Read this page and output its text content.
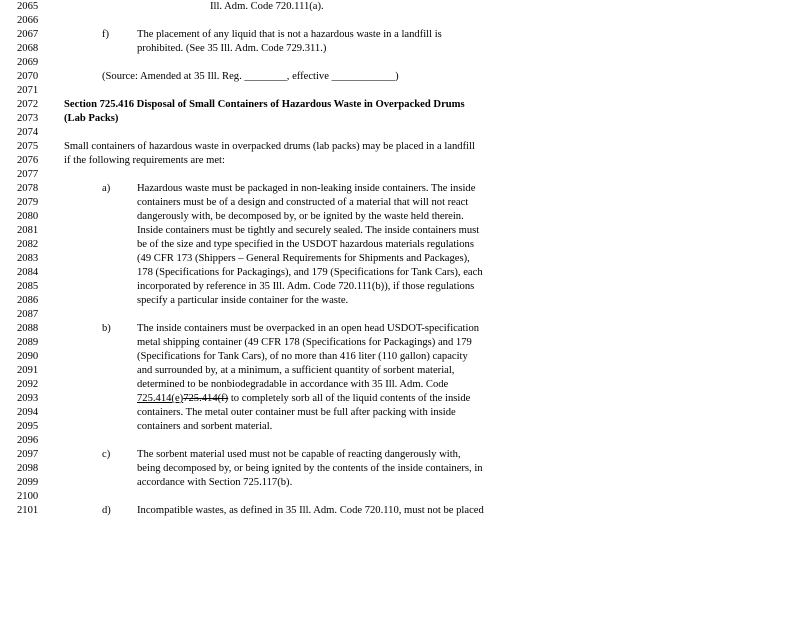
2065	Ill. Adm. Code 720.111(a).
2066
2067	f)	The placement of any liquid that is not a hazardous waste in a landfill is
2068	prohibited. (See 35 Ill. Adm. Code 729.311.)
2069
2070	(Source: Amended at 35 Ill. Reg. ________, effective ____________)
2071
2072	Section 725.416 Disposal of Small Containers of Hazardous Waste in Overpacked Drums
2073	(Lab Packs)
2074
2075	Small containers of hazardous waste in overpacked drums (lab packs) may be placed in a landfill
2076	if the following requirements are met:
2077
2078	a)	Hazardous waste must be packaged in non-leaking inside containers. The inside
2079	containers must be of a design and constructed of a material that will not react
2080	dangerously with, be decomposed by, or be ignited by the waste held therein.
2081	Inside containers must be tightly and securely sealed. The inside containers must
2082	be of the size and type specified in the USDOT hazardous materials regulations
2083	(49 CFR 173 (Shippers – General Requirements for Shipments and Packages),
2084	178 (Specifications for Packagings), and 179 (Specifications for Tank Cars), each
2085	incorporated by reference in 35 Ill. Adm. Code 720.111(b)), if those regulations
2086	specify a particular inside container for the waste.
2087
2088	b) The inside containers must be overpacked in an open head USDOT-specification
2089	metal shipping container (49 CFR 178 (Specifications for Packagings) and 179
2090	(Specifications for Tank Cars), of no more than 416 liter (110 gallon) capacity
2091	and surrounded by, at a minimum, a sufficient quantity of sorbent material,
2092	determined to be nonbiodegradable in accordance with 35 Ill. Adm. Code
2093	725.414(e)725.414(f) to completely sorb all of the liquid contents of the inside
2094	containers. The metal outer container must be full after packing with inside
2095	containers and sorbent material.
2096
2097	c)	The sorbent material used must not be capable of reacting dangerously with,
2098	being decomposed by, or being ignited by the contents of the inside containers, in
2099	accordance with Section 725.117(b).
2100
2101	d) Incompatible wastes, as defined in 35 Ill. Adm. Code 720.110, must not be placed
